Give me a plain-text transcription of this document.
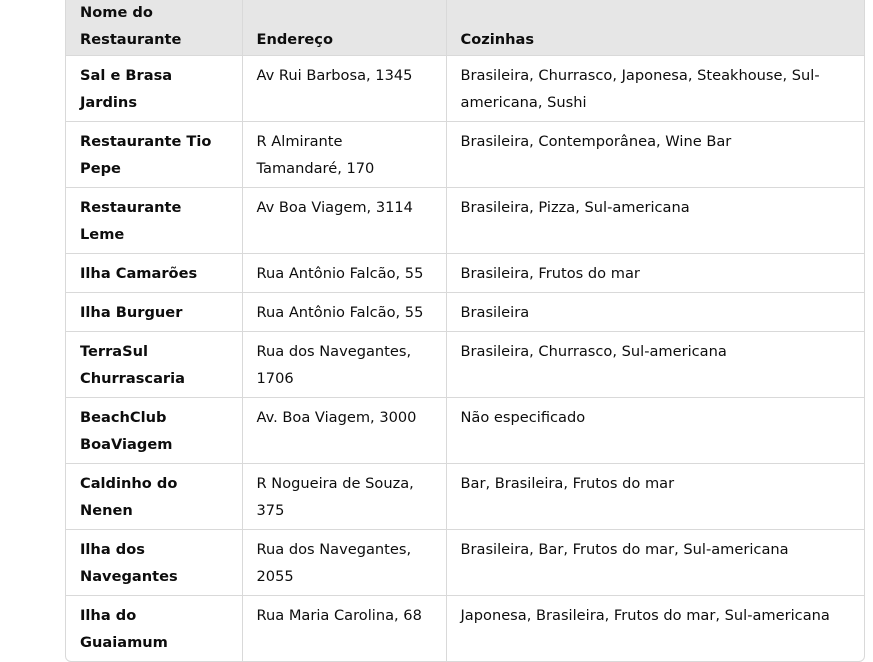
Nome do Restaurante	Endereço	Cozinhas
Sal e Brasa Jardins	Av Rui Barbosa, 1345	Brasileira, Churrasco, Japonesa, Steakhouse, Sul-americana, Sushi
Restaurante Tio Pepe	R Almirante Tamandaré, 170	Brasileira, Contemporânea, Wine Bar
Restaurante Leme	Av Boa Viagem, 3114	Brasileira, Pizza, Sul-americana
Ilha Camarões	Rua Antônio Falcão, 55	Brasileira, Frutos do mar
Ilha Burguer	Rua Antônio Falcão, 55	Brasileira
TerraSul Churrascaria	Rua dos Navegantes, 1706	Brasileira, Churrasco, Sul-americana
BeachClub BoaViagem	Av. Boa Viagem, 3000	Não especificado
Caldinho do Nenen	R Nogueira de Souza, 375	Bar, Brasileira, Frutos do mar
Ilha dos Navegantes	Rua dos Navegantes, 2055	Brasileira, Bar, Frutos do mar, Sul-americana
Ilha do Guaiamum	Rua Maria Carolina, 68	Japonesa, Brasileira, Frutos do mar, Sul-americana
